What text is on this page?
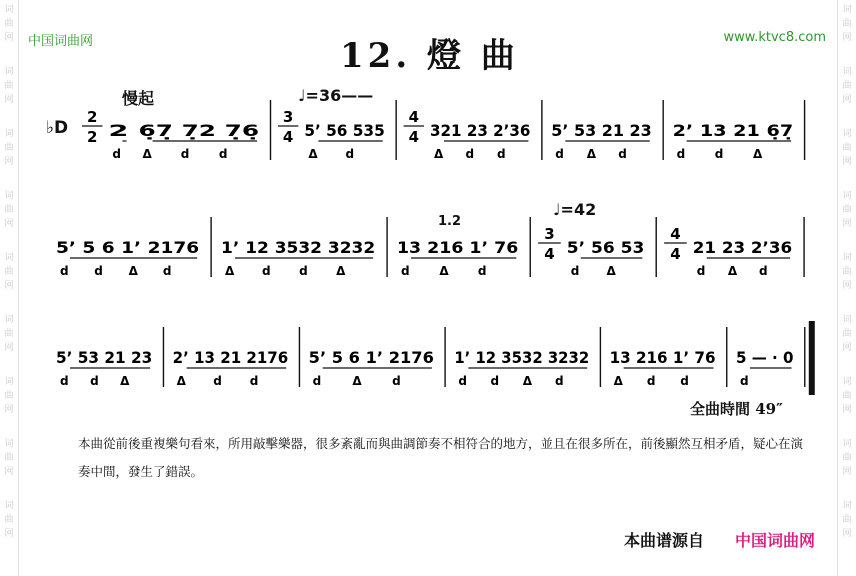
词
曲
网
词
曲
网
词
曲
网
词
曲
网
词
曲
网
词
曲
网
词
曲
网
词
曲
网
词
曲
网
词
曲
网
词
曲
网
词
曲
网
词
曲
网
词
曲
网
词
曲
网
词
曲
网
词
曲
网
词
曲
网
中国词曲网	www.ktvc8.com
12. 燈 曲
慢起	♩=36——
♩=42
1.2
♭D
2
2 2
d
6̣7̣ 7̣2 7̣6̣
Δ d d
3
4 5ʼ 56 535
Δ d
4
4 321 23 2ʼ36
Δ d d
5ʼ 53 21 23
d Δ d
2ʼ 13 21 6̣7̣
d d Δ
5ʼ 5 6 1ʼ 2176
d d Δ d
1ʼ 12 3532 3232
Δ d d Δ
13 216 1ʼ 76
d Δ d
3
4 5ʼ 56 53
d Δ
4
4 21 23 2ʼ36
d Δ d
5ʼ 53 21 23
d d Δ
2ʼ 13 21 2176
Δ d d
5ʼ 5 6 1ʼ 2176
d	Δ	d
1ʼ 12 3532 3232
d d Δ d
13 216 1ʼ 76
Δ d d
5 — · 0
d
全曲時間 49″
本曲從前後重複樂句看來，所用敲擊樂器，很多紊亂而與曲調節奏不相符合的地方，並且在很多所在，前後顯然互相矛盾，疑心在演奏中間，發生了錯誤。
本曲谱源自 中国词曲网
